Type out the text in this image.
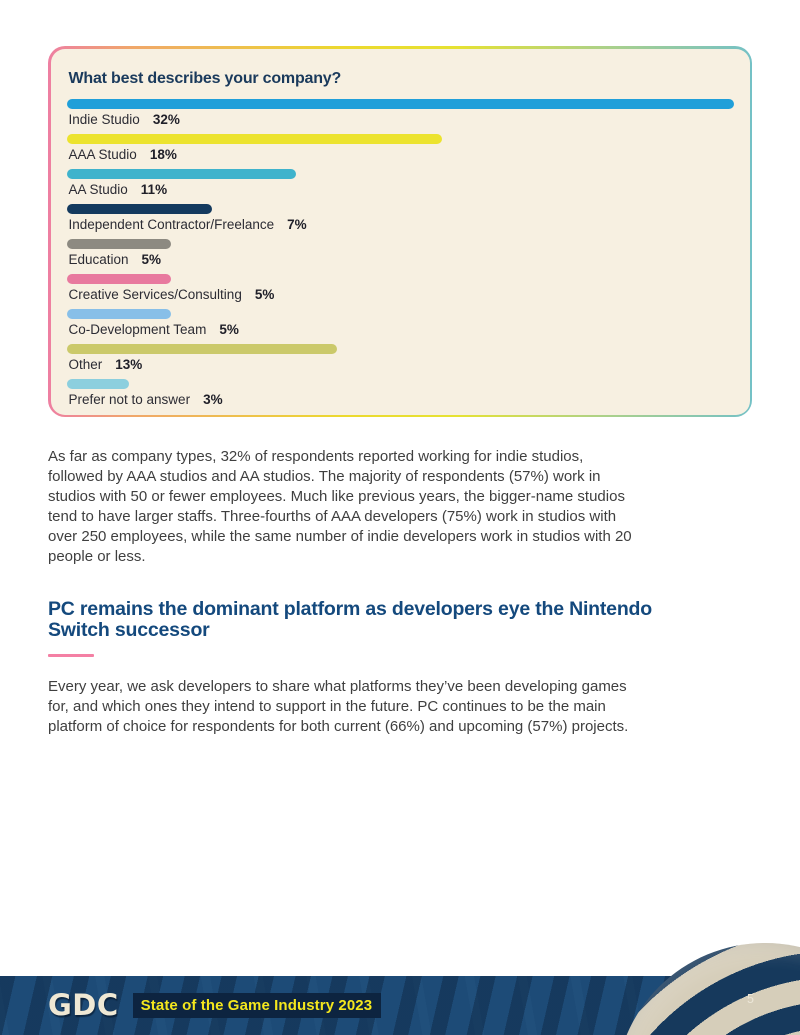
What best describes your company?
Indie Studio 32%
AAA Studio 18%
AA Studio 11%
Independent Contractor/Freelance 7%
Education 5%
Creative Services/Consulting 5%
Co-Development Team 5%
Other 13%
Prefer not to answer 3%

As far as company types, 32% of respondents reported working for indie studios, followed by AAA studios and AA studios. The majority of respondents (57%) work in studios with 50 or fewer employees. Much like previous years, the bigger-name studios tend to have larger staffs. Three-fourths of AAA developers (75%) work in studios with over 250 employees, while the same number of indie developers work in studios with 20 people or less.

PC remains the dominant platform as developers eye the Nintendo Switch successor

Every year, we ask developers to share what platforms they’ve been developing games for, and which ones they intend to support in the future. PC continues to be the main platform of choice for respondents for both current (66%) and upcoming (57%) projects.

GDC	State of the Game Industry 2023	5
